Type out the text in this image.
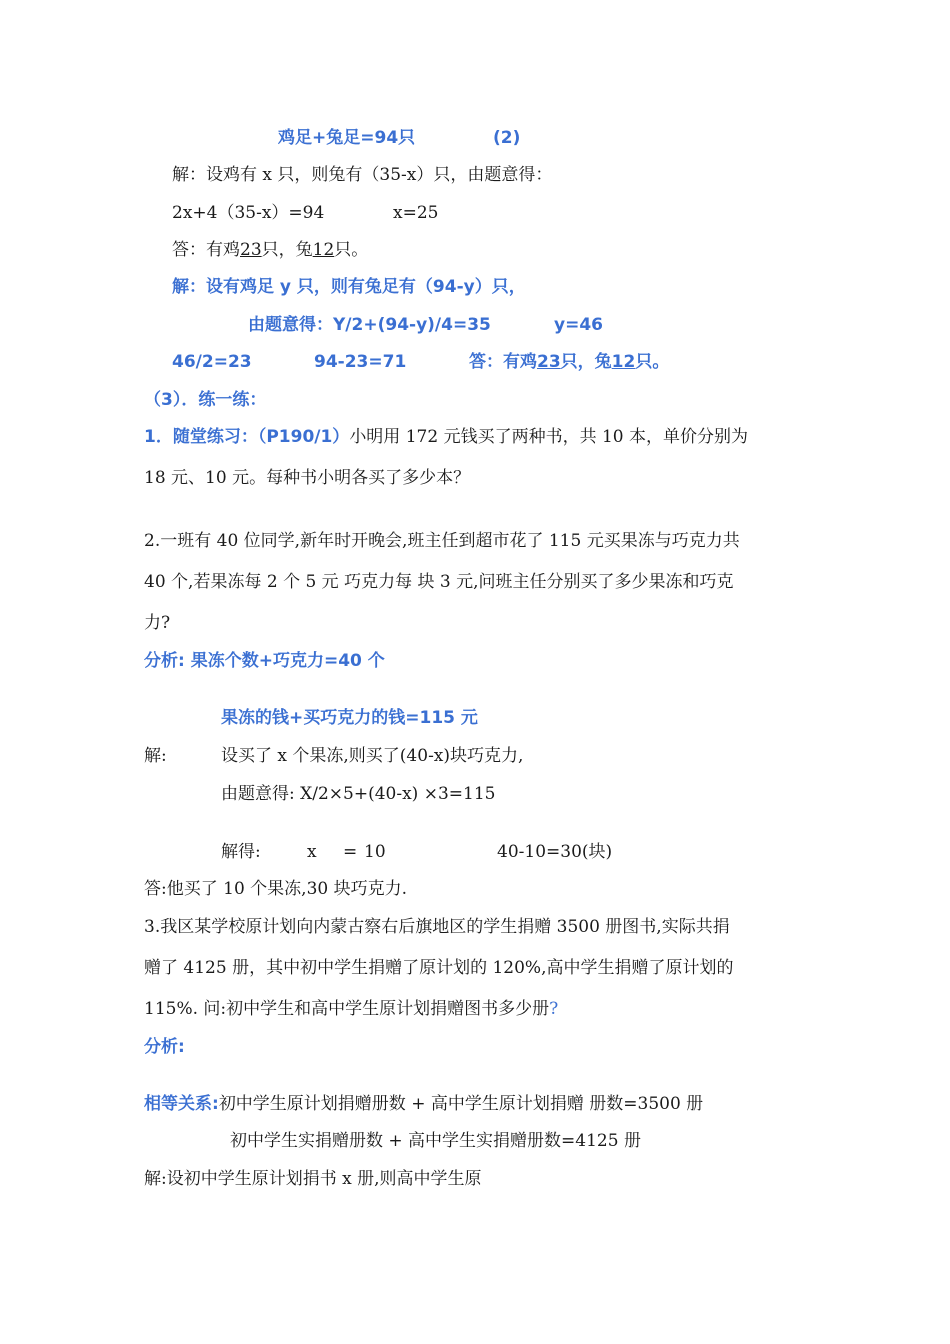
鸡足+兔足=94只	(2)
解：设鸡有 x 只，则兔有（35-x）只，由题意得：
2x+4（35-x）=94	x=25
答：有鸡23只，兔12只。
解：设有鸡足 y 只，则有兔足有（94-y）只，
由题意得：Y/2+(94-y)/4=35	y=46
46/2=23	94-23=71	答：有鸡23只，兔12只。
（3）．练一练：
1．随堂练习：（P190/1）小明用 172 元钱买了两种书，共 10 本，单价分别为
18 元、10 元。每种书小明各买了多少本？
2.一班有 40 位同学,新年时开晚会,班主任到超市花了 115 元买果冻与巧克力共
40 个,若果冻每 2 个 5 元 巧克力每 块 3 元,问班主任分别买了多少果冻和巧克
力?
分析: 果冻个数+巧克力=40 个
果冻的钱+买巧克力的钱=115 元
解:	设买了 x 个果冻,则买了(40-x)块巧克力,
由题意得: X/2×5+(40-x) ×3=115
解得:	x = 10	40-10=30(块)
答:他买了 10 个果冻,30 块巧克力.
3.我区某学校原计划向内蒙古察右后旗地区的学生捐赠 3500 册图书,实际共捐
赠了 4125 册，其中初中学生捐赠了原计划的 120%,高中学生捐赠了原计划的
115%. 问:初中学生和高中学生原计划捐赠图书多少册?
分析:
相等关系:初中学生原计划捐赠册数 + 高中学生原计划捐赠 册数=3500 册
初中学生实捐赠册数 + 高中学生实捐赠册数=4125 册
解:设初中学生原计划捐书 x 册,则高中学生原
